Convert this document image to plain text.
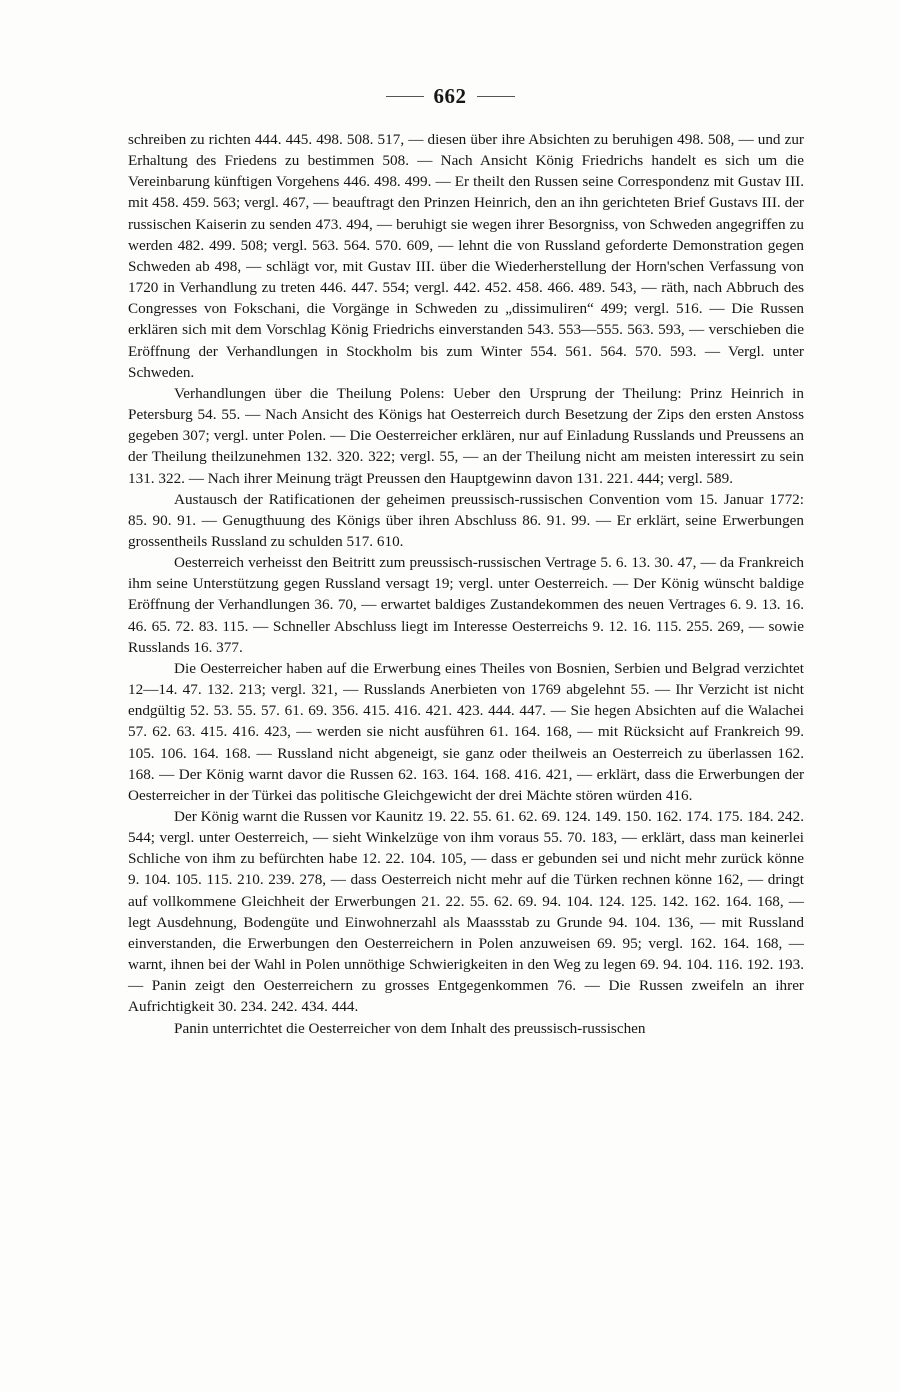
662

schreiben zu richten 444. 445. 498. 508. 517, — diesen über ihre Absichten zu beruhigen 498. 508, — und zur Erhaltung des Friedens zu bestimmen 508. — Nach Ansicht König Friedrichs handelt es sich um die Vereinbarung künftigen Vorgehens 446. 498. 499. — Er theilt den Russen seine Correspondenz mit Gustav III. mit 458. 459. 563; vergl. 467, — beauftragt den Prinzen Heinrich, den an ihn gerichteten Brief Gustavs III. der russischen Kaiserin zu senden 473. 494, — beruhigt sie wegen ihrer Besorgniss, von Schweden angegriffen zu werden 482. 499. 508; vergl. 563. 564. 570. 609, — lehnt die von Russland geforderte Demonstration gegen Schweden ab 498, — schlägt vor, mit Gustav III. über die Wiederherstellung der Horn'schen Verfassung von 1720 in Verhandlung zu treten 446. 447. 554; vergl. 442. 452. 458. 466. 489. 543, — räth, nach Abbruch des Congresses von Fokschani, die Vorgänge in Schweden zu „dissimuliren“ 499; vergl. 516. — Die Russen erklären sich mit dem Vorschlag König Friedrichs einverstanden 543. 553—555. 563. 593, — verschieben die Eröffnung der Verhandlungen in Stockholm bis zum Winter 554. 561. 564. 570. 593. — Vergl. unter Schweden.

Verhandlungen über die Theilung Polens: Ueber den Ursprung der Theilung: Prinz Heinrich in Petersburg 54. 55. — Nach Ansicht des Königs hat Oesterreich durch Besetzung der Zips den ersten Anstoss gegeben 307; vergl. unter Polen. — Die Oesterreicher erklären, nur auf Einladung Russlands und Preussens an der Theilung theilzunehmen 132. 320. 322; vergl. 55, — an der Theilung nicht am meisten interessirt zu sein 131. 322. — Nach ihrer Meinung trägt Preussen den Hauptgewinn davon 131. 221. 444; vergl. 589.

Austausch der Ratificationen der geheimen preussisch-russischen Convention vom 15. Januar 1772: 85. 90. 91. — Genugthuung des Königs über ihren Abschluss 86. 91. 99. — Er erklärt, seine Erwerbungen grossentheils Russland zu schulden 517. 610.

Oesterreich verheisst den Beitritt zum preussisch-russischen Vertrage 5. 6. 13. 30. 47, — da Frankreich ihm seine Unterstützung gegen Russland versagt 19; vergl. unter Oesterreich. — Der König wünscht baldige Eröffnung der Verhandlungen 36. 70, — erwartet baldiges Zustandekommen des neuen Vertrages 6. 9. 13. 16. 46. 65. 72. 83. 115. — Schneller Abschluss liegt im Interesse Oesterreichs 9. 12. 16. 115. 255. 269, — sowie Russlands 16. 377.

Die Oesterreicher haben auf die Erwerbung eines Theiles von Bosnien, Serbien und Belgrad verzichtet 12—14. 47. 132. 213; vergl. 321, — Russlands Anerbieten von 1769 abgelehnt 55. — Ihr Verzicht ist nicht endgültig 52. 53. 55. 57. 61. 69. 356. 415. 416. 421. 423. 444. 447. — Sie hegen Absichten auf die Walachei 57. 62. 63. 415. 416. 423, — werden sie nicht ausführen 61. 164. 168, — mit Rücksicht auf Frankreich 99. 105. 106. 164. 168. — Russland nicht abgeneigt, sie ganz oder theilweis an Oesterreich zu überlassen 162. 168. — Der König warnt davor die Russen 62. 163. 164. 168. 416. 421, — erklärt, dass die Erwerbungen der Oesterreicher in der Türkei das politische Gleichgewicht der drei Mächte stören würden 416.

Der König warnt die Russen vor Kaunitz 19. 22. 55. 61. 62. 69. 124. 149. 150. 162. 174. 175. 184. 242. 544; vergl. unter Oesterreich, — sieht Winkelzüge von ihm voraus 55. 70. 183, — erklärt, dass man keinerlei Schliche von ihm zu befürchten habe 12. 22. 104. 105, — dass er gebunden sei und nicht mehr zurück könne 9. 104. 105. 115. 210. 239. 278, — dass Oesterreich nicht mehr auf die Türken rechnen könne 162, — dringt auf vollkommene Gleichheit der Erwerbungen 21. 22. 55. 62. 69. 94. 104. 124. 125. 142. 162. 164. 168, — legt Ausdehnung, Bodengüte und Einwohnerzahl als Maassstab zu Grunde 94. 104. 136, — mit Russland einverstanden, die Erwerbungen den Oesterreichern in Polen anzuweisen 69. 95; vergl. 162. 164. 168, — warnt, ihnen bei der Wahl in Polen unnöthige Schwierigkeiten in den Weg zu legen 69. 94. 104. 116. 192. 193. — Panin zeigt den Oesterreichern zu grosses Entgegenkommen 76. — Die Russen zweifeln an ihrer Aufrichtigkeit 30. 234. 242. 434. 444.

Panin unterrichtet die Oesterreicher von dem Inhalt des preussisch-russischen
